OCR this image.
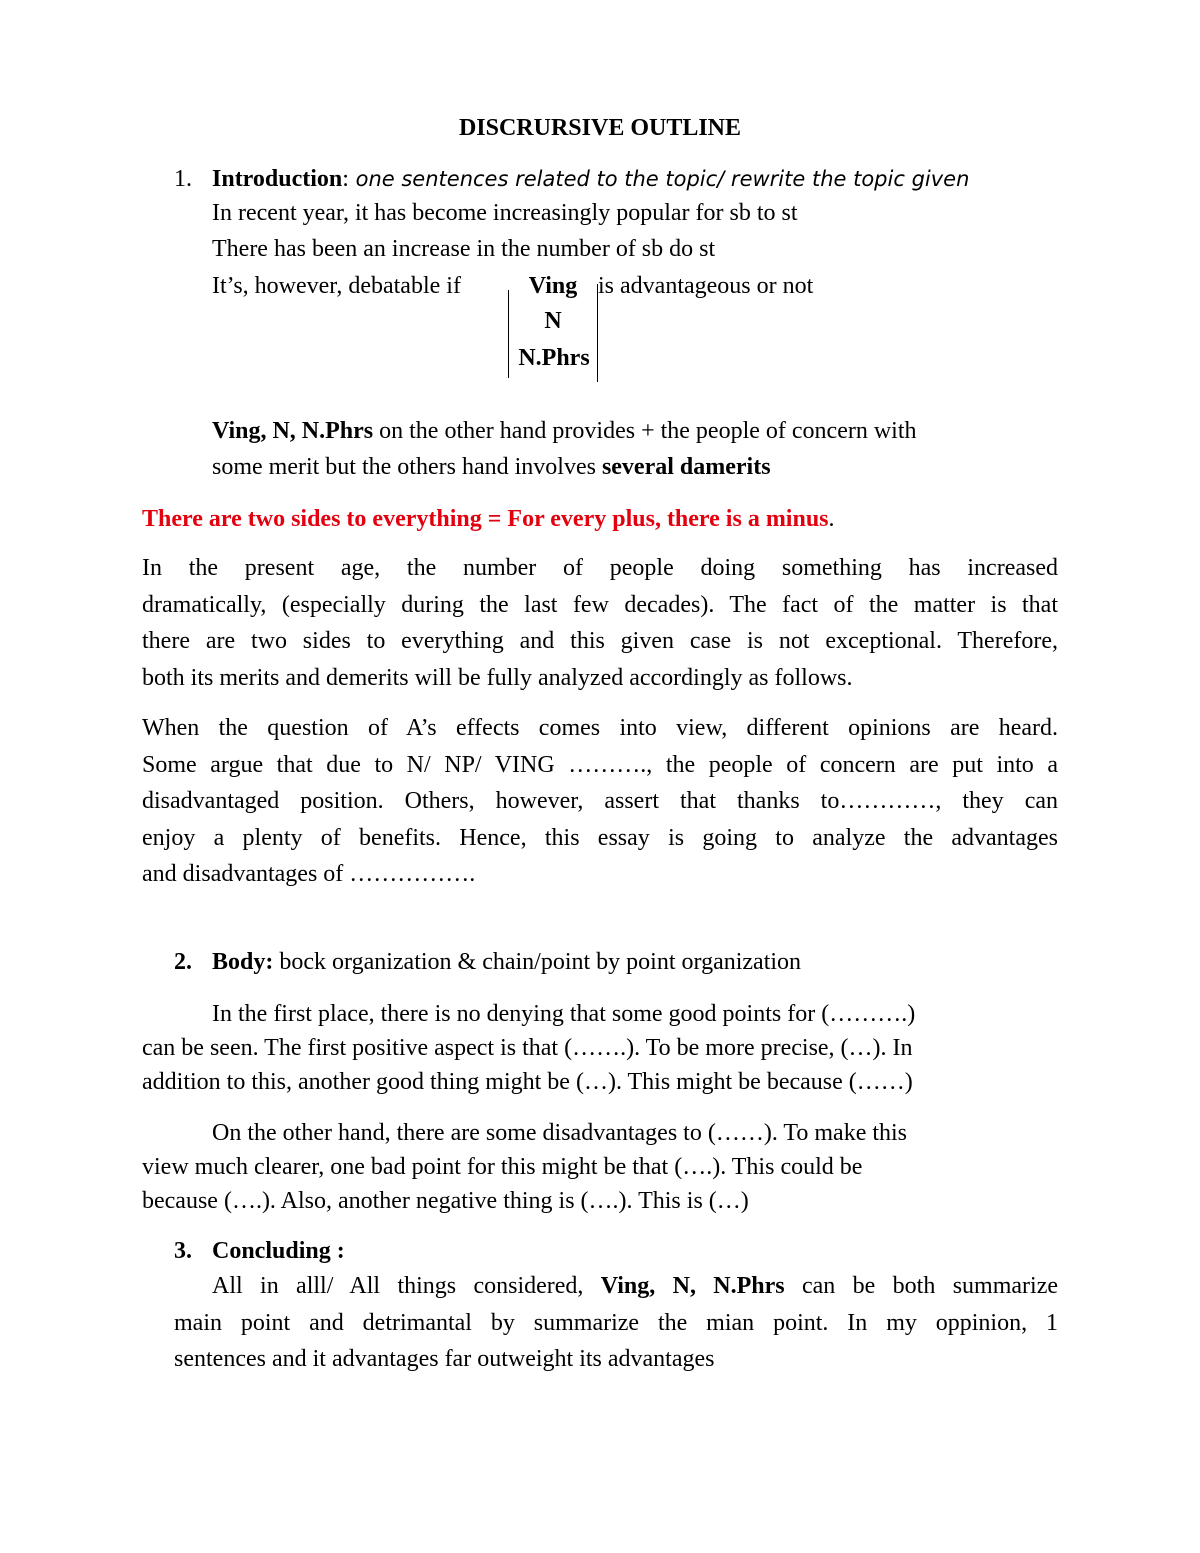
DISCRURSIVE OUTLINE
1. Introduction: one sentences related to the topic/ rewrite the topic given
In recent year, it has become increasingly popular for sb to st
There has been an increase in the number of sb do st
It’s, however, debatable if	Ving
N
N.Phrs
is advantageous or not
Ving, N, N.Phrs on the other hand provides + the people of concern with
some merit but the others hand involves several damerits
There are two sides to everything = For every plus, there is a minus.
In the present age, the number of people doing something has increased
dramatically, (especially during the last few decades). The fact of the matter is that
there are two sides to everything and this given case is not exceptional. Therefore,
both its merits and demerits will be fully analyzed accordingly as follows.
When the question of A’s effects comes into view, different opinions are heard.
Some argue that due to N/ NP/ VING ………., the people of concern are put into a
disadvantaged position. Others, however, assert that thanks to…………, they can
enjoy a plenty of benefits. Hence, this essay is going to analyze the advantages
and disadvantages of …………….
2. Body: bock organization & chain/point by point organization
In the first place, there is no denying that some good points for (……….)
can be seen. The first positive aspect is that (…….). To be more precise, (…). In
addition to this, another good thing might be (…). This might be because (……)
On the other hand, there are some disadvantages to (……). To make this
view much clearer, one bad point for this might be that (….). This could be
because (….). Also, another negative thing is (….). This is (…)
3. Concluding :
All in alll/ All things considered, Ving, N, N.Phrs can be both summarize
main point and detrimantal by summarize the mian point. In my oppinion, 1
sentences and it advantages far outweight its advantages
